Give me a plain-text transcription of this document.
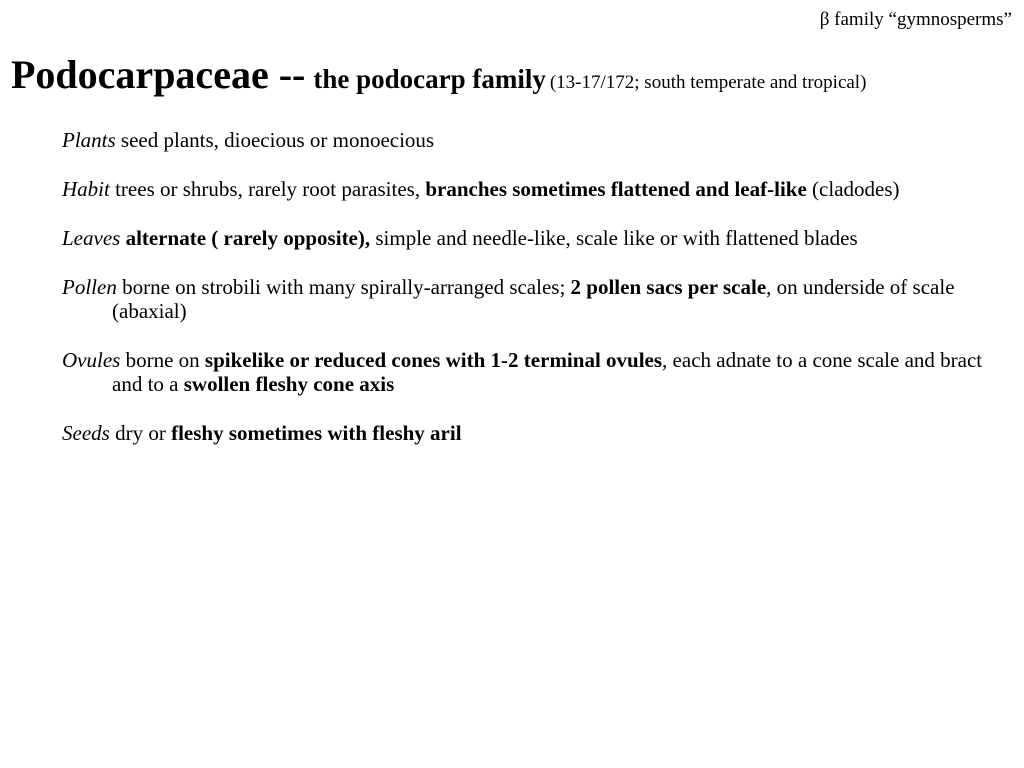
β family “gymnosperms”
Podocarpaceae -- the podocarp family (13-17/172; south temperate and tropical)

Plants seed plants, dioecious or monoecious

Habit trees or shrubs, rarely root parasites, branches sometimes flattened and leaf-like (cladodes)

Leaves alternate ( rarely opposite), simple and needle-like, scale like or with flattened blades

Pollen borne on strobili with many spirally-arranged scales; 2 pollen sacs per scale, on underside of scale (abaxial)

Ovules borne on spikelike or reduced cones with 1-2 terminal ovules, each adnate to a cone scale and bract and to a swollen fleshy cone axis

Seeds dry or fleshy sometimes with fleshy aril
